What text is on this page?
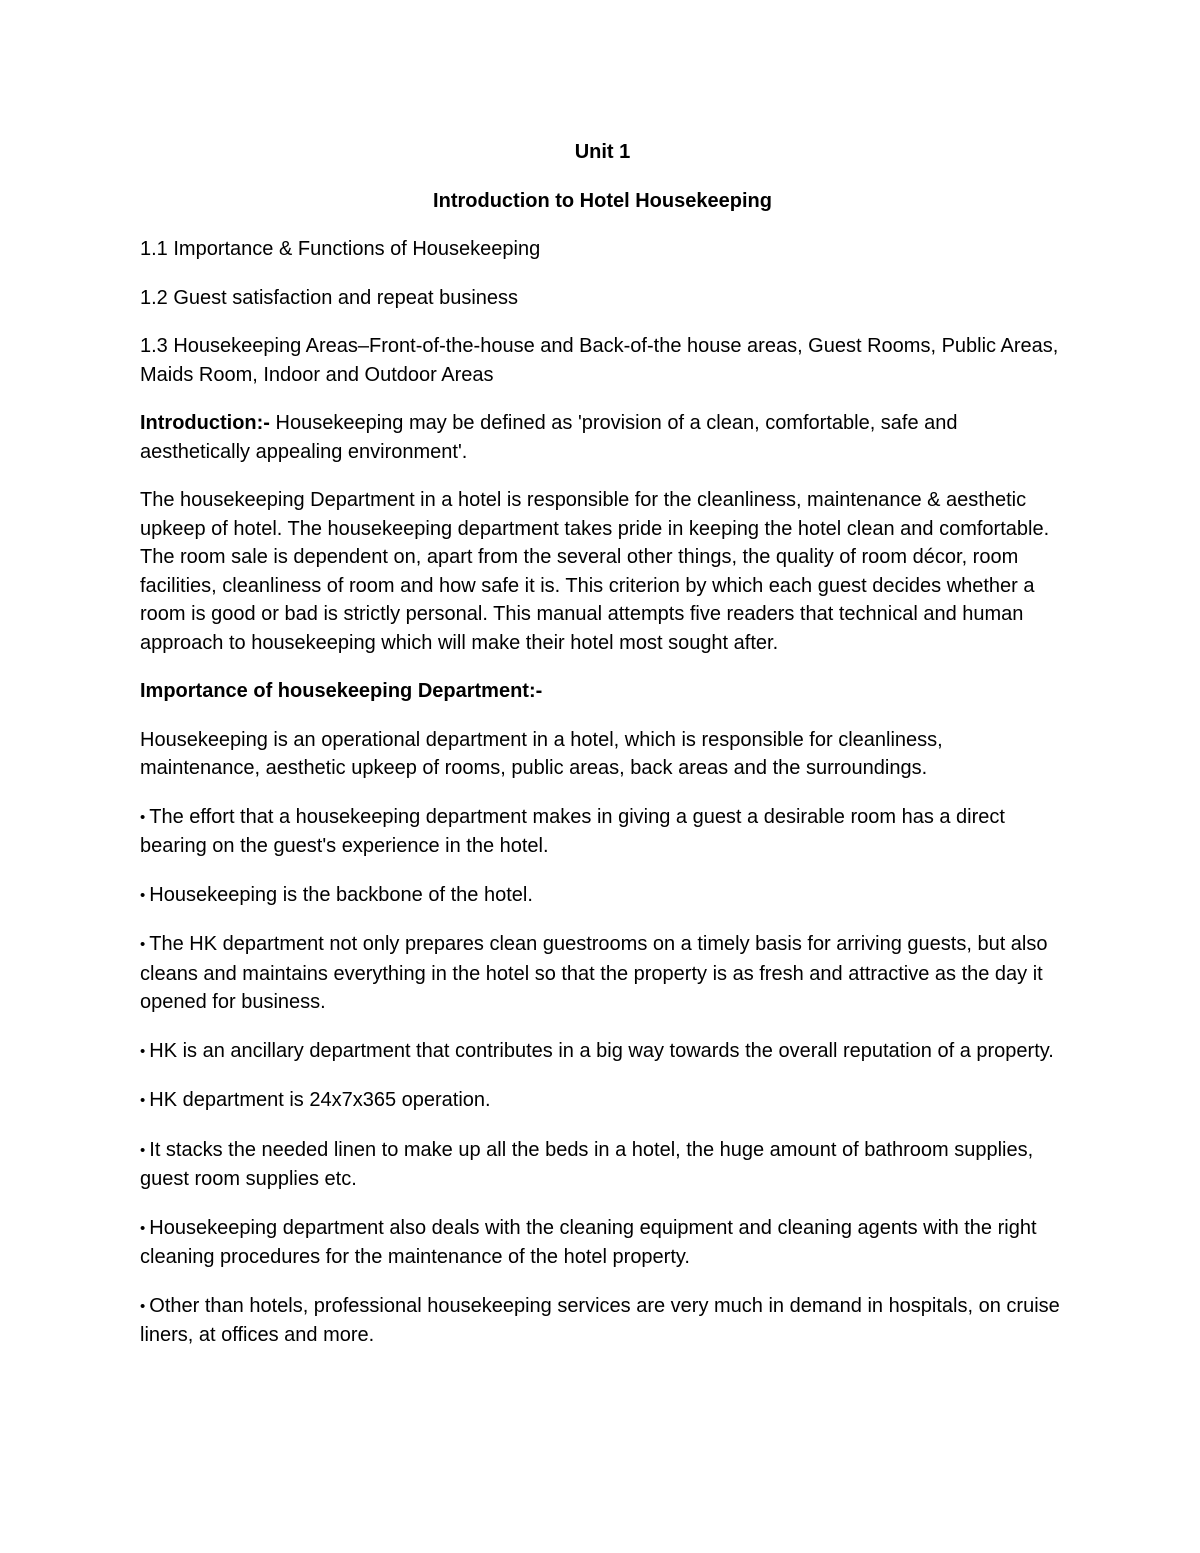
Unit 1

Introduction to Hotel Housekeeping

1.1 Importance & Functions of Housekeeping

1.2 Guest satisfaction and repeat business

1.3 Housekeeping Areas–Front-of-the-house and Back-of-the house areas, Guest Rooms, Public Areas, Maids Room, Indoor and Outdoor Areas

Introduction:- Housekeeping may be defined as 'provision of a clean, comfortable, safe and aesthetically appealing environment'.

The housekeeping Department in a hotel is responsible for the cleanliness, maintenance & aesthetic upkeep of hotel. The housekeeping department takes pride in keeping the hotel clean and comfortable. The room sale is dependent on, apart from the several other things, the quality of room décor, room facilities, cleanliness of room and how safe it is. This criterion by which each guest decides whether a room is good or bad is strictly personal. This manual attempts five readers that technical and human approach to housekeeping which will make their hotel most sought after.

Importance of housekeeping Department:-

Housekeeping is an operational department in a hotel, which is responsible for cleanliness, maintenance, aesthetic upkeep of rooms, public areas, back areas and the surroundings.

• The effort that a housekeeping department makes in giving a guest a desirable room has a direct bearing on the guest's experience in the hotel.

• Housekeeping is the backbone of the hotel.

• The HK department not only prepares clean guestrooms on a timely basis for arriving guests, but also cleans and maintains everything in the hotel so that the property is as fresh and attractive as the day it opened for business.

• HK is an ancillary department that contributes in a big way towards the overall reputation of a property.

• HK department is 24x7x365 operation.

• It stacks the needed linen to make up all the beds in a hotel, the huge amount of bathroom supplies, guest room supplies etc.

• Housekeeping department also deals with the cleaning equipment and cleaning agents with the right cleaning procedures for the maintenance of the hotel property.

• Other than hotels, professional housekeeping services are very much in demand in hospitals, on cruise liners, at offices and more.
